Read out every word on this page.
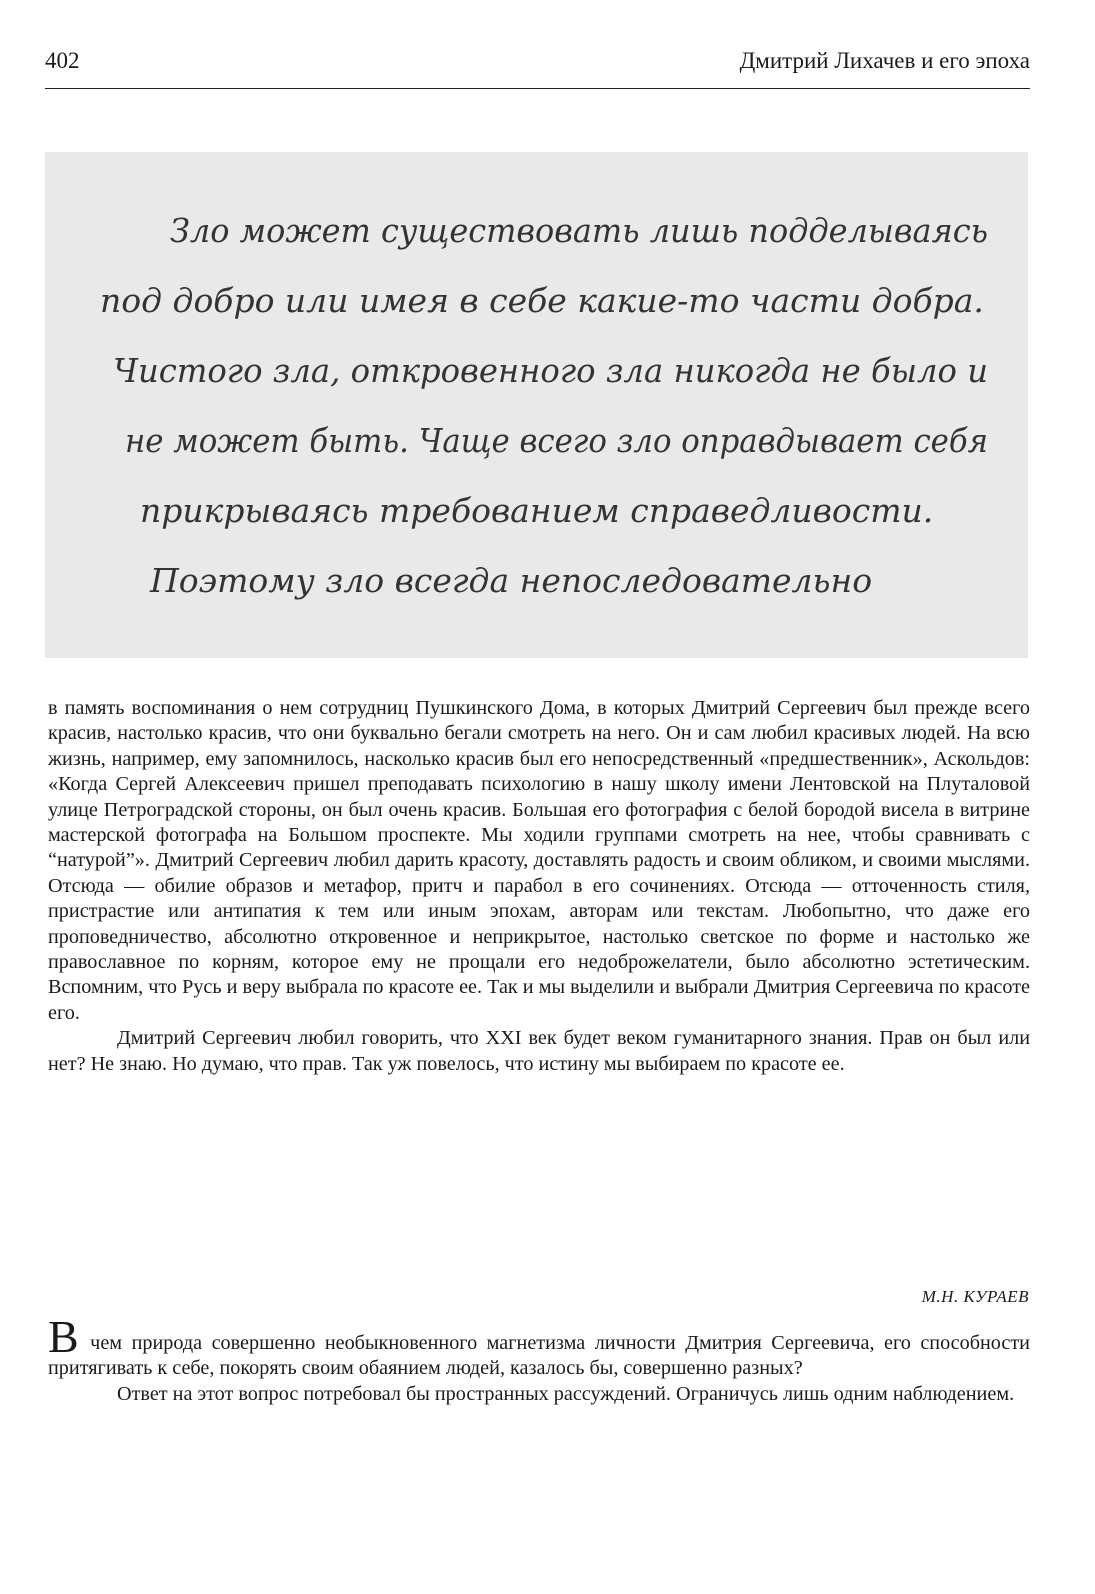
402	Дмитрий Лихачев и его эпоха
Зло может существовать лишь подделываясь
под добро или имея в себе какие-то части добра.
Чистого зла, откровенного зла никогда не было и
не может быть. Чаще всего зло оправдывает себя
прикрываясь требованием справедливости.
Поэтому зло всегда непоследовательно

в память воспоминания о нем сотрудниц Пушкинского Дома, в которых Дмитрий Сергеевич был прежде всего красив, настолько красив, что они буквально бегали смотреть на него. Он и сам любил красивых людей. На всю жизнь, например, ему запомнилось, насколько красив был его непосредственный «предшественник», Аскольдов: «Когда Сергей Алексеевич пришел преподавать психологию в нашу школу имени Лентовской на Плуталовой улице Петроградской стороны, он был очень красив. Большая его фотография с белой бородой висела в витрине мастерской фотографа на Большом проспекте. Мы ходили группами смотреть на нее, чтобы сравнивать с “натурой”». Дмитрий Сергеевич любил дарить красоту, доставлять радость и своим обликом, и своими мыслями. Отсюда — обилие образов и метафор, притч и парабол в его сочинениях. Отсюда — отточенность стиля, пристрастие или антипатия к тем или иным эпохам, авторам или текстам. Любопытно, что даже его проповедничество, абсолютно откровенное и неприкрытое, настолько светское по форме и настолько же православное по корням, которое ему не прощали его недоброжелатели, было абсолютно эстетическим. Вспомним, что Русь и веру выбрала по красоте ее. Так и мы выделили и выбрали Дмитрия Сергеевича по красоте его.

Дмитрий Сергеевич любил говорить, что XXI век будет веком гуманитарного знания. Прав он был или нет? Не знаю. Но думаю, что прав. Так уж повелось, что истину мы выбираем по красоте ее.

М.Н. КУРАЕВ

В чем природа совершенно необыкновенного магнетизма личности Дмитрия Сергеевича, его способности притягивать к себе, покорять своим обаянием людей, казалось бы, совершенно разных?

Ответ на этот вопрос потребовал бы пространных рассуждений. Ограничусь лишь одним наблюдением.
